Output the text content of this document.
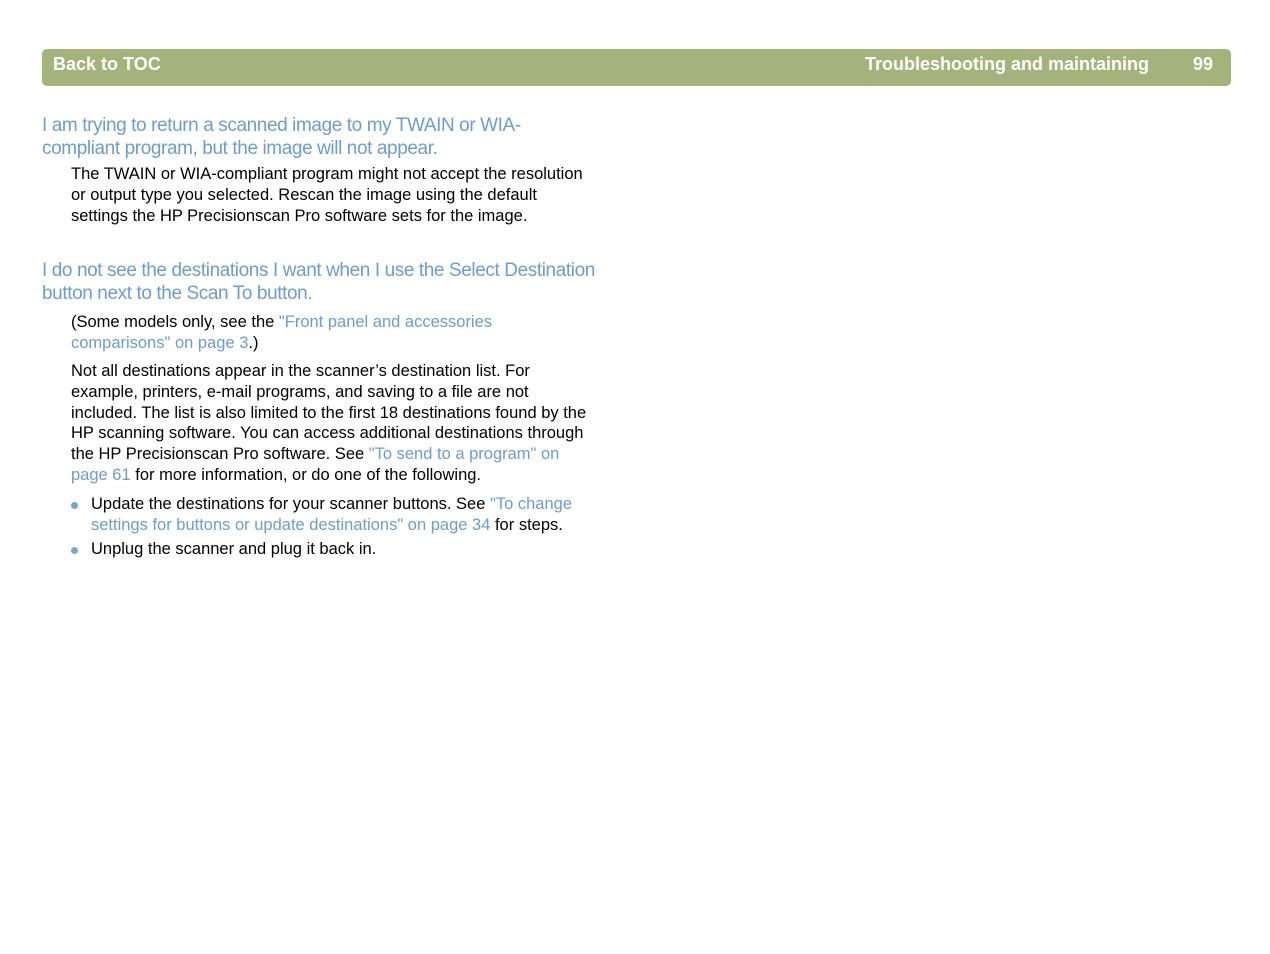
Back to TOC	Troubleshooting and maintaining 99
I am trying to return a scanned image to my TWAIN or WIA-
compliant program, but the image will not appear.

The TWAIN or WIA-compliant program might not accept the resolution or output type you selected. Rescan the image using the default settings the HP Precisionscan Pro software sets for the image.

I do not see the destinations I want when I use the Select Destination
button next to the Scan To button.

(Some models only, see the "Front panel and accessories comparisons" on page 3.)

Not all destinations appear in the scanner’s destination list. For example, printers, e-mail programs, and saving to a file are not included. The list is also limited to the first 18 destinations found by the HP scanning software. You can access additional destinations through the HP Precisionscan Pro software. See "To send to a program" on page 61 for more information, or do one of the following.

Update the destinations for your scanner buttons. See "To change settings for buttons or update destinations" on page 34 for steps.
Unplug the scanner and plug it back in.
